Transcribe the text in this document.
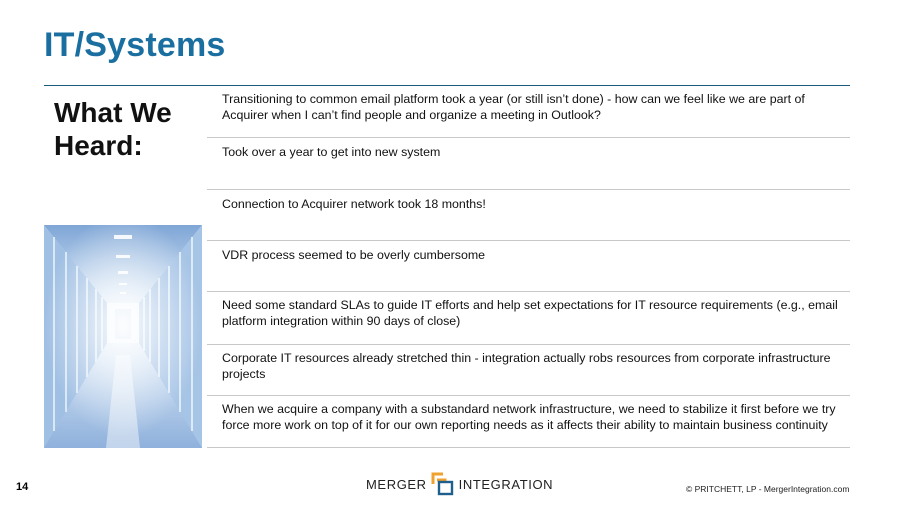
IT/Systems
What We Heard:
Transitioning to common email platform took a year (or still isn’t done) - how can we feel like we are part of Acquirer when I can’t find people and organize a meeting in Outlook?
Took over a year to get into new system
Connection to Acquirer network took 18 months!
VDR process seemed to be overly cumbersome
Need some standard SLAs to guide IT efforts and help set expectations for IT resource requirements (e.g., email platform integration within 90 days of close)
Corporate IT resources already stretched thin - integration actually robs resources from corporate infrastructure projects
When we acquire a company with a substandard network infrastructure, we need to stabilize it first before we try force more work on top of it for our own reporting needs as it affects their ability to maintain business continuity
14	MERGER INTEGRATION	© PRITCHETT, LP - MergerIntegration.com
